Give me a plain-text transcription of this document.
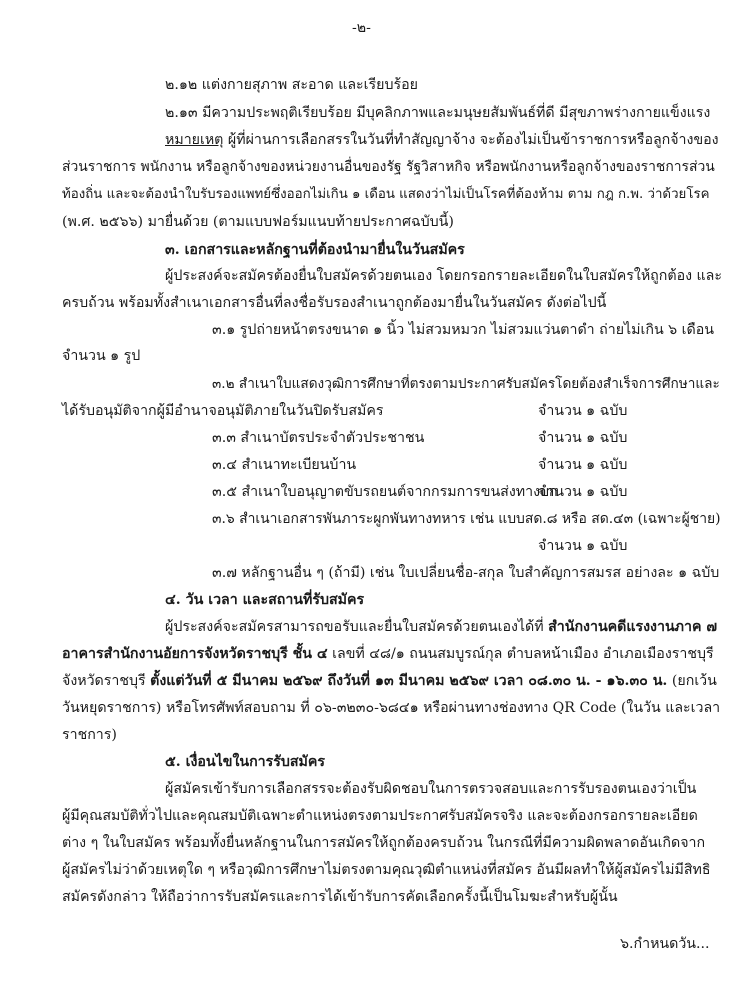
-๒-
๒.๑๒ แต่งกายสุภาพ สะอาด และเรียบร้อย
๒.๑๓ มีความประพฤติเรียบร้อย มีบุคลิกภาพและมนุษยสัมพันธ์ที่ดี มีสุขภาพร่างกายแข็งแรง
หมายเหตุ ผู้ที่ผ่านการเลือกสรรในวันที่ทำสัญญาจ้าง จะต้องไม่เป็นข้าราชการหรือลูกจ้างของ
ส่วนราชการ พนักงาน หรือลูกจ้างของหน่วยงานอื่นของรัฐ รัฐวิสาหกิจ หรือพนักงานหรือลูกจ้างของราชการส่วน
ท้องถิ่น และจะต้องนำใบรับรองแพทย์ซึ่งออกไม่เกิน ๑ เดือน แสดงว่าไม่เป็นโรคที่ต้องห้าม ตาม กฎ ก.พ. ว่าด้วยโรค
(พ.ศ. ๒๕๖๖) มายื่นด้วย (ตามแบบฟอร์มแนบท้ายประกาศฉบับนี้)
๓. เอกสารและหลักฐานที่ต้องนำมายื่นในวันสมัคร
ผู้ประสงค์จะสมัครต้องยื่นใบสมัครด้วยตนเอง โดยกรอกรายละเอียดในใบสมัครให้ถูกต้อง และ
ครบถ้วน พร้อมทั้งสำเนาเอกสารอื่นที่ลงชื่อรับรองสำเนาถูกต้องมายื่นในวันสมัคร ดังต่อไปนี้
๓.๑ รูปถ่ายหน้าตรงขนาด ๑ นิ้ว ไม่สวมหมวก ไม่สวมแว่นตาดำ ถ่ายไม่เกิน ๖ เดือน
จำนวน ๑ รูป
๓.๒ สำเนาใบแสดงวุฒิการศึกษาที่ตรงตามประกาศรับสมัครโดยต้องสำเร็จการศึกษาและ
ได้รับอนุมัติจากผู้มีอำนาจอนุมัติภายในวันปิดรับสมัคร	จำนวน ๑ ฉบับ
๓.๓ สำเนาบัตรประจำตัวประชาชน	จำนวน ๑ ฉบับ
๓.๔ สำเนาทะเบียนบ้าน	จำนวน ๑ ฉบับ
๓.๕ สำเนาใบอนุญาตขับรถยนต์จากกรมการขนส่งทางบก
จำนวน ๑ ฉบับ
๓.๖ สำเนาเอกสารพันภาระผูกพันทางทหาร เช่น แบบสด.๘ หรือ สด.๔๓ (เฉพาะผู้ชาย)
จำนวน ๑ ฉบับ
๓.๗ หลักฐานอื่น ๆ (ถ้ามี) เช่น ใบเปลี่ยนชื่อ-สกุล ใบสำคัญการสมรส อย่างละ ๑ ฉบับ
๔. วัน เวลา และสถานที่รับสมัคร
ผู้ประสงค์จะสมัครสามารถขอรับและยื่นใบสมัครด้วยตนเองได้ที่ สำนักงานคดีแรงงานภาค ๗
อาคารสำนักงานอัยการจังหวัดราชบุรี ชั้น ๔ เลขที่ ๔๘/๑ ถนนสมบูรณ์กุล ตำบลหน้าเมือง อำเภอเมืองราชบุรี
จังหวัดราชบุรี ตั้งแต่วันที่ ๕ มีนาคม ๒๕๖๙ ถึงวันที่ ๑๓ มีนาคม ๒๕๖๙ เวลา ๐๘.๓๐ น. - ๑๖.๓๐ น. (ยกเว้น
วันหยุดราชการ) หรือโทรศัพท์สอบถาม ที่ ๐๖-๓๒๓๐-๖๘๔๑ หรือผ่านทางช่องทาง QR Code (ในวัน และเวลา
ราชการ)
๕. เงื่อนไขในการรับสมัคร
ผู้สมัครเข้ารับการเลือกสรรจะต้องรับผิดชอบในการตรวจสอบและการรับรองตนเองว่าเป็น
ผู้มีคุณสมบัติทั่วไปและคุณสมบัติเฉพาะตำแหน่งตรงตามประกาศรับสมัครจริง และจะต้องกรอกรายละเอียด
ต่าง ๆ ในใบสมัคร พร้อมทั้งยื่นหลักฐานในการสมัครให้ถูกต้องครบถ้วน ในกรณีที่มีความผิดพลาดอันเกิดจาก
ผู้สมัครไม่ว่าด้วยเหตุใด ๆ หรือวุฒิการศึกษาไม่ตรงตามคุณวุฒิตำแหน่งที่สมัคร อันมีผลทำให้ผู้สมัครไม่มีสิทธิ
สมัครดังกล่าว ให้ถือว่าการรับสมัครและการได้เข้ารับการคัดเลือกครั้งนี้เป็นโมฆะสำหรับผู้นั้น
๖.กำหนดวัน...
